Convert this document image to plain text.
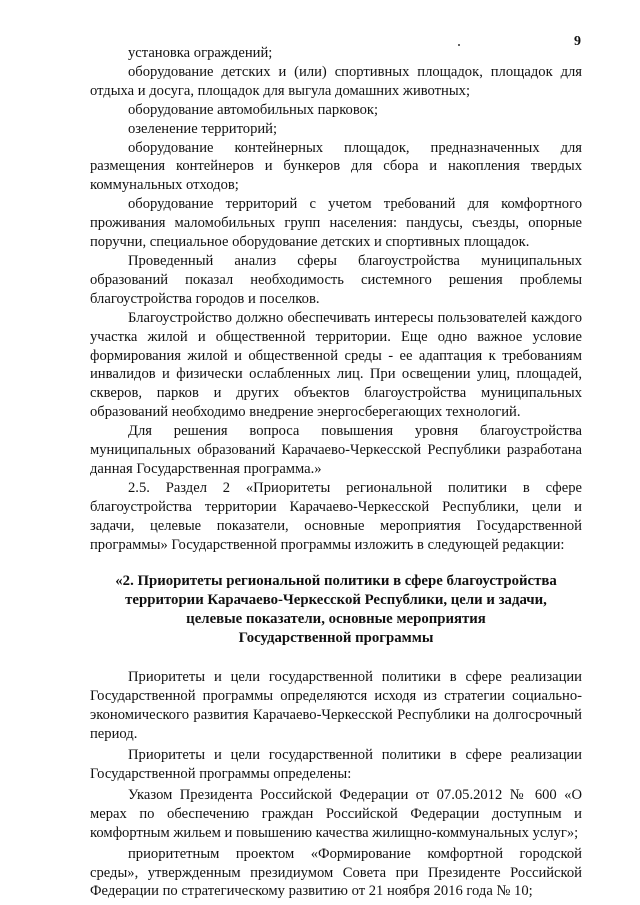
9

установка ограждений;

оборудование детских и (или) спортивных площадок, площадок для отдыха и досуга, площадок для выгула домашних животных;

оборудование автомобильных парковок;

озеленение территорий;

оборудование контейнерных площадок, предназначенных для размещения контейнеров и бункеров для сбора и накопления твердых коммунальных отходов;

оборудование территорий с учетом требований для комфортного проживания маломобильных групп населения: пандусы, съезды, опорные поручни, специальное оборудование детских и спортивных площадок.

Проведенный анализ сферы благоустройства муниципальных образований показал необходимость системного решения проблемы благоустройства городов и поселков.

Благоустройство должно обеспечивать интересы пользователей каждого участка жилой и общественной территории. Еще одно важное условие формирования жилой и общественной среды - ее адаптация к требованиям инвалидов и физически ослабленных лиц. При освещении улиц, площадей, скверов, парков и других объектов благоустройства муниципальных образований необходимо внедрение энергосберегающих технологий.

Для решения вопроса повышения уровня благоустройства муниципальных образований Карачаево-Черкесской Республики разработана данная Государственная программа.»

2.5. Раздел 2 «Приоритеты региональной политики в сфере благоустройства территории Карачаево-Черкесской Республики, цели и задачи, целевые показатели, основные мероприятия Государственной программы» Государственной программы изложить в следующей редакции:

«2. Приоритеты региональной политики в сфере благоустройства
территории Карачаево-Черкесской Республики, цели и задачи,
целевые показатели, основные мероприятия
Государственной программы

Приоритеты и цели государственной политики в сфере реализации Государственной программы определяются исходя из стратегии социально-экономического развития Карачаево-Черкесской Республики на долгосрочный период.

Приоритеты и цели государственной политики в сфере реализации Государственной программы определены:

Указом Президента Российской Федерации от 07.05.2012 № 600 «О мерах по обеспечению граждан Российской Федерации доступным и комфортным жильем и повышению качества жилищно-коммунальных услуг»;

приоритетным проектом «Формирование комфортной городской среды», утвержденным президиумом Совета при Президенте Российской Федерации по стратегическому развитию от 21 ноября 2016 года № 10;
